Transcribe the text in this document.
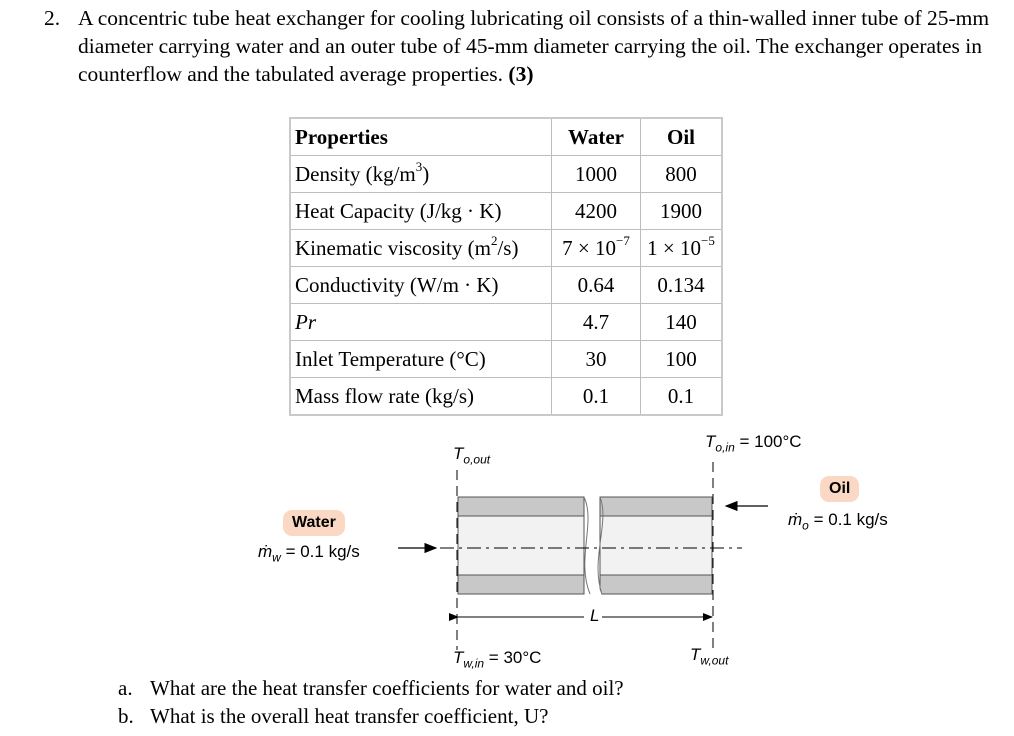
2. A concentric tube heat exchanger for cooling lubricating oil consists of a thin-walled inner tube of 25-mm diameter carrying water and an outer tube of 45-mm diameter carrying the oil. The exchanger operates in counterflow and the tabulated average properties. (3)
Properties	Water	Oil
Density $(kg/m^3)$	1000	800
Heat Capacity (J/kg · K)	4200	1900
Kinematic viscosity $(m^2/s)$	$7 \times 10^{-7}$	$1 \times 10^{-5}$
Conductivity (W/m · K)	0.64	0.134
Pr	4.7	140
Inlet Temperature (°C)	30	100
Mass flow rate (kg/s)	0.1	0.1
$T_{o,out}$
$T_{o,in} = 100^\circ C$
Oil
ṁ$_o$ = 0.1 kg/s
Water
ṁ$_w$ = 0.1 kg/s
L
$T_{w,in} = 30^\circ C$	$T_{w,out}$
a. What are the heat transfer coefficients for water and oil?
b. What is the overall heat transfer coefficient, U?
